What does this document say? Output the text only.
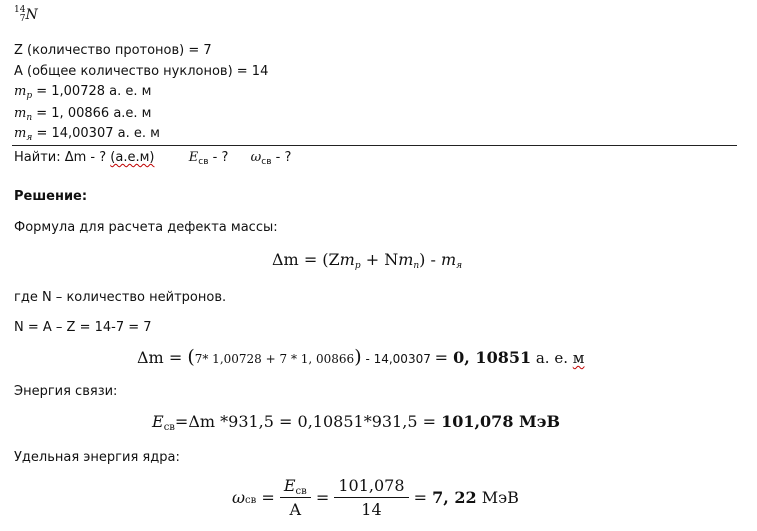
14
7 N
Z (количество протонов) = 7
А (общее количество нуклонов) = 14
$m_p = 1,00728$ а. е. м
$m_n = 1$, 00866 а.е. м
$m_я = 14,00307$ а. е. м
Найти: Δm - ? (а.е.м)	$E_{св}$ - ? $\omega_{св}$ - ?
Решение:
Формула для расчета дефекта массы:
Δm = (Zmp + Nmn) - mя
где N – количество нейтронов.
N = А – Z = 14-7 = 7
Δm = (7* 1,00728 + 7 * 1, 00866) - 14,00307 = 0, 10851 а. е. м
Энергия связи:
Eсв=Δm *931,5 = 0,10851*931,5 = 101,078 МэВ
Удельная энергия ядра:
$\omega св = \frac{\text{Eсв}}{A} = \frac{101,078}{14} = 7$, 22 МэВ
